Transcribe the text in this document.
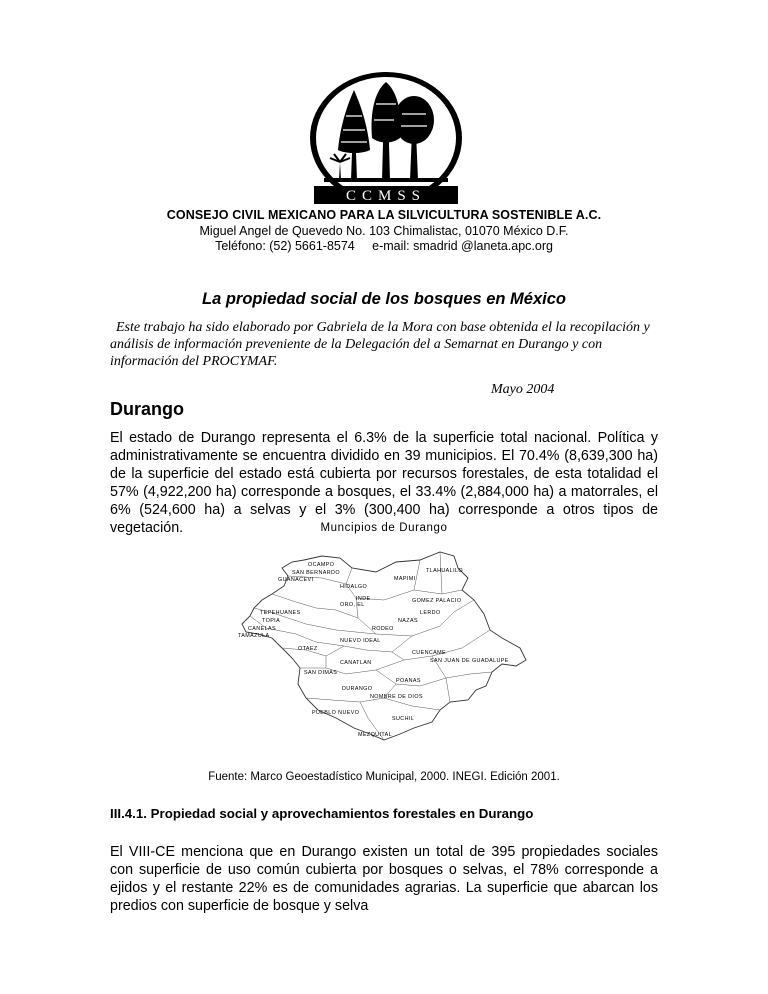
CCMSS
CONSEJO CIVIL MEXICANO PARA LA SILVICULTURA SOSTENIBLE A.C.
Miguel Angel de Quevedo No. 103 Chimalistac, 01070 México D.F.
Teléfono: (52) 5661-8574     e-mail: smadrid @laneta.apc.org
La propiedad social de los bosques en México
Este trabajo ha sido elaborado por Gabriela de la Mora con base obtenida el la recopilación y análisis de información preveniente de la Delegación del a Semarnat en Durango y con información del PROCYMAF.
Mayo 2004
Durango
El estado de Durango representa el 6.3% de la superficie total nacional. Política y administrativamente se encuentra dividido en 39 municipios. El 70.4% (8,639,300 ha) de la superficie del estado está cubierta por recursos forestales, de esta totalidad el 57% (4,922,200 ha) corresponde a bosques, el 33.4% (2,884,000 ha) a matorrales, el 6% (524,600 ha) a selvas y el 3% (300,400 ha) corresponde a otros tipos de vegetación.	Muncipios de Durango
OCAMPO
SAN BERNARDO
GUANACEVI
TLAHUALILO
MAPIMI
HIDALGO
INDE
ORO, EL
GOMEZ PALACIO
TEPEHUANES	LERDO
TOPIA	NAZAS
CANELAS	RODEO
TAMAZULA
NUEVO IDEAL
OTAEZ
CUENCAME
SAN JUAN DE GUADALUPE
CANATLAN
SAN DIMAS
POANAS
DURANGO
NOMBRE DE DIOS
PUEBLO NUEVO
SUCHIL
MEZQUITAL
Fuente: Marco Geoestadístico Municipal, 2000. INEGI. Edición 2001.
III.4.1. Propiedad social y aprovechamientos forestales en Durango
El VIII-CE menciona que en Durango existen un total de 395 propiedades sociales con superficie de uso común cubierta por bosques o selvas, el 78% corresponde a ejidos y el restante 22% es de comunidades agrarias. La superficie que abarcan los predios con superficie de bosque y selva
